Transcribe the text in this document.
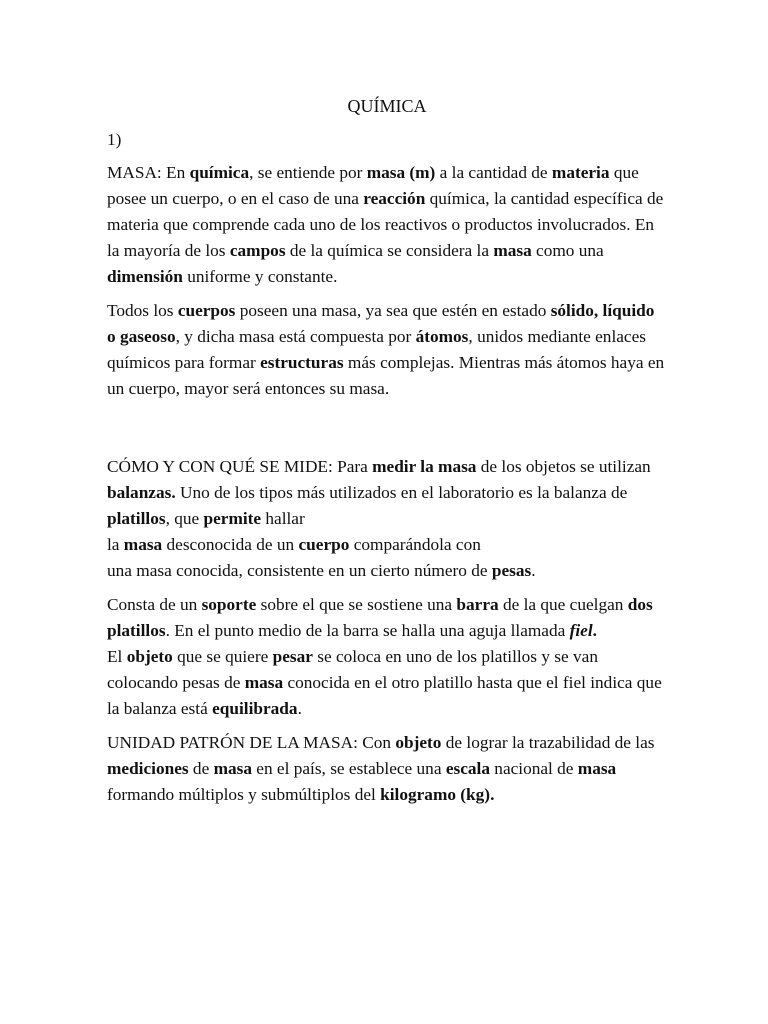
QUÍMICA
1)

MASA: En química, se entiende por masa (m) a la cantidad de materia que posee un cuerpo, o en el caso de una reacción química, la cantidad específica de materia que comprende cada uno de los reactivos o productos involucrados. En la mayoría de los campos de la química se considera la masa como una dimensión uniforme y constante.

Todos los cuerpos poseen una masa, ya sea que estén en estado sólido, líquido o gaseoso, y dicha masa está compuesta por átomos, unidos mediante enlaces químicos para formar estructuras más complejas. Mientras más átomos haya en un cuerpo, mayor será entonces su masa.

CÓMO Y CON QUÉ SE MIDE: Para medir la masa de los objetos se utilizan balanzas. Uno de los tipos más utilizados en el laboratorio es la balanza de platillos, que permite hallar
la masa desconocida de un cuerpo comparándola con
una masa conocida, consistente en un cierto número de pesas.

Consta de un soporte sobre el que se sostiene una barra de la que cuelgan dos platillos. En el punto medio de la barra se halla una aguja llamada fiel.

El objeto que se quiere pesar se coloca en uno de los platillos y se van colocando pesas de masa conocida en el otro platillo hasta que el fiel indica que la balanza está equilibrada.

UNIDAD PATRÓN DE LA MASA: Con objeto de lograr la trazabilidad de las mediciones de masa en el país, se establece una escala nacional de masa formando múltiplos y submúltiplos del kilogramo (kg).
